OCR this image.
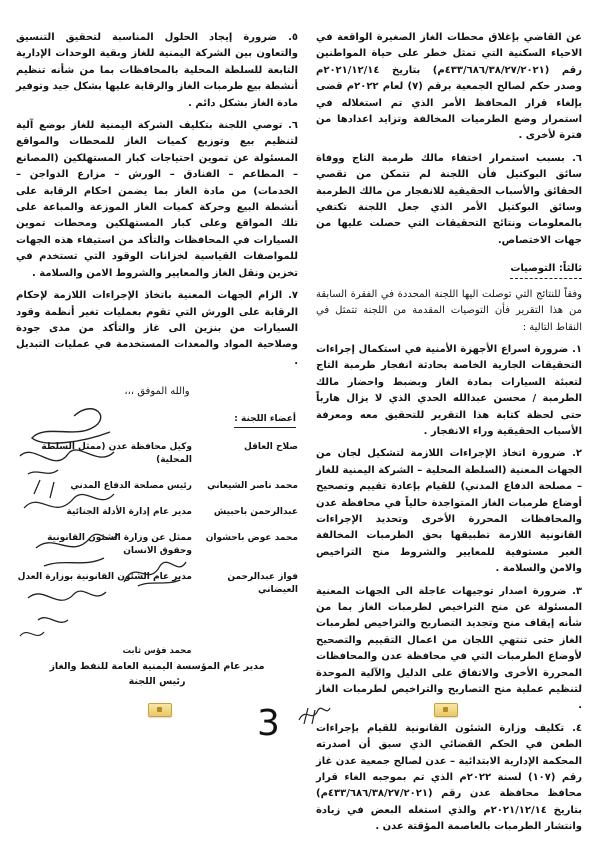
عن القاضي بإغلاق محطات الغاز الصغيرة الواقعة في الاحياء السكنية التي تمثل خطر على حياة المواطنين رقم (٤٣٣/٦٨٦/٣٨/٢٧/٢٠٢١م) بتاريخ ٢٠٢١/١٢/١٤م وصدر حكم لصالح الجمعية برقم (٧) لعام ٢٠٢٢م قضى بإلغاء قرار المحافظ الأمر الذي تم استغلاله في استمرار وضع الطرميات المخالفة وتزايد اعدادها من فترة لأخرى .

٦. بسبب استمرار اختفاء مالك طرمبة التاج ووفاة سائق البوكتيل فأن اللجنة لم تتمكن من تقصي الحقائق والأسباب الحقيقية للانفجار من مالك الطرمبة وسائق البوكتيل الأمر الذي جعل اللجنة تكتفي بالمعلومات ونتائج التحقيقات التي حصلت عليها من جهات الاختصاص.

ثالثاً: التوصيات

وفقاً للنتائج التي توصلت اليها اللجنة المحددة في الفقرة السابقة من هذا التقرير فأن التوصيات المقدمة من اللجنة تتمثل في النقاط التالية :

١. ضرورة اسراع الأجهزة الأمنية في استكمال إجراءات التحقيقات الجارية الخاصة بحادثة انفجار طرمبة التاج لتعبئة السيارات بمادة الغاز وبضبط واحضار مالك الطرمبة / محسن عبدالله الحدي الذي لا يزال هارباً حتى لحظة كتابة هذا التقرير للتحقيق معه ومعرفة الأسباب الحقيقية وراء الانفجار .

٢. ضرورة اتخاذ الإجراءات اللازمة لتشكيل لجان من الجهات المعنية (السلطة المحلية – الشركة اليمنية للغاز – مصلحة الدفاع المدني) للقيام بإعادة تقييم وتصحيح أوضاع طرمبات الغاز المتواجدة حالياً في محافظة عدن والمحافظات المحررة الأخرى وتحديد الإجراءات القانونية اللازمة تطبيقها بحق الطرمبات المخالفة الغير مستوفية للمعايير والشروط منح التراخيص والامن والسلامة .

٣. ضرورة اصدار توجيهات عاجلة الى الجهات المعنية المسئولة عن منح التراخيص لطرمبات الغاز بما من شأنه إيقاف منح وتجديد التصاريح والتراخيص لطرمبات الغاز حتى تنتهي اللجان من اعمال التقييم والتصحيح لأوضاع الطرمبات التي في محافظة عدن والمحافظات المحررة الأخرى والاتفاق على الدليل والآلية الموحدة لتنظيم عملية منح التصاريح والتراخيص لطرمبات الغاز .

٤. تكليف وزارة الشئون القانونية للقيام بإجراءات الطعن في الحكم القضائي الذي سبق أن اصدرته المحكمة الإدارية الابتدائية – عدن لصالح جمعية عدن غاز رقم (١٠٧) لسنة ٢٠٢٢م الذي تم بموجبه الغاء قرار محافظ محافظة عدن رقم (٤٣٣/٦٨٦/٣٨/٢٧/٢٠٢١م) بتاريخ ٢٠٢١/١٢/١٤م والذي استغله البعض في زيادة وانتشار الطرمبات بالعاصمة المؤقتة عدن .

٥. ضرورة إيجاد الحلول المناسبة لتحقيق التنسيق والتعاون بين الشركة اليمنية للغاز وبقية الوحدات الإدارية التابعة للسلطة المحلية بالمحافظات بما من شأنه تنظيم أنشطة بيع طرمبات الغاز والرقابة عليها بشكل جيد وتوفير مادة الغاز بشكل دائم .

٦. توصي اللجنة بتكليف الشركة اليمنية للغاز بوضع آلية لتنظيم بيع وتوزيع كميات الغاز للمحطات والمواقع المسئولة عن تموين احتياجات كبار المستهلكين (المصانع – المطاعم – الفنادق – الورش – مزارع الدواجن – الخدمات) من مادة الغاز بما يضمن احكام الرقابة على أنشطة البيع وحركة كميات الغاز الموزعة والمباعة على تلك المواقع وعلى كبار المستهلكين ومحطات تموين السيارات في المحافظات والتأكد من استيفاء هذه الجهات للمواصفات القياسية لخزانات الوقود التي تستخدم في تخزين ونقل الغاز والمعايير والشروط الامن والسلامة .

٧. الزام الجهات المعنية باتخاذ الإجراءات اللازمة لإحكام الرقابة على الورش التي تقوم بعمليات تغير أنظمة وقود السيارات من بنزين الى غاز والتأكد من مدى جودة وصلاحية المواد والمعدات المستخدمة في عمليات التبديل .

والله الموفق ،،،
أعضاء اللجنة :
صلاح العاقل
وكيل محافظة عدن (ممثل السلطة المحلية)
محمد ناصر الشيعاني
رئيس مصلحة الدفاع المدني
عبدالرحمن باحبيش
مدير عام إدارة الأدلة الجنائية
محمد عوض باحشوان
ممثل عن وزارة الشئون القانونية وحقوق الانسان
فواز عبدالرحمن العيضاني
مدير عام الشئون القانونية بوزارة العدل
محمد فؤس ثابت
مدير عام المؤسسة اليمنية العامة للنفط والغاز
رئيس اللجنة
3
